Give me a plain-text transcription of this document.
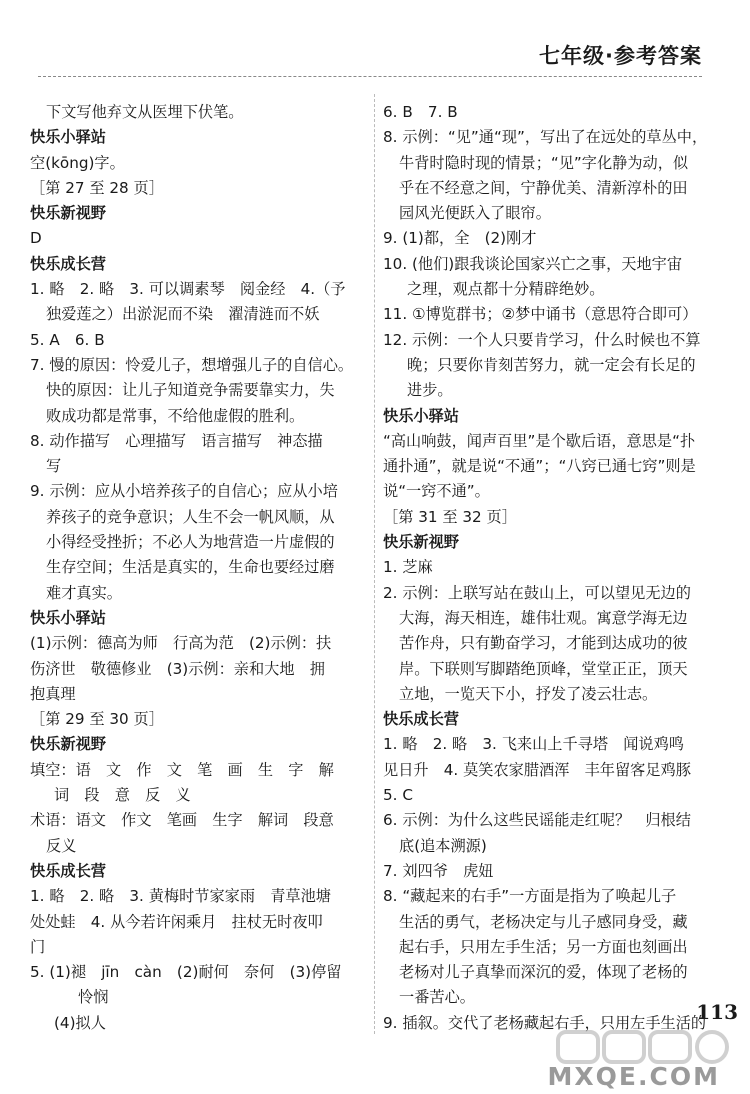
七年级·参考答案
下文写他弃文从医埋下伏笔。
快乐小驿站
空(kōng)字。
［第 27 至 28 页］
快乐新视野
D
快乐成长营
1. 略　2. 略　3. 可以调素琴　阅金经　4.（予
独爱莲之）出淤泥而不染　濯清涟而不妖
5. A　6. B
7. 慢的原因：怜爱儿子，想增强儿子的自信心。
快的原因：让儿子知道竞争需要靠实力，失
败成功都是常事，不给他虚假的胜利。
8. 动作描写　心理描写　语言描写　神态描
写
9. 示例：应从小培养孩子的自信心；应从小培
养孩子的竞争意识；人生不会一帆风顺，从
小得经受挫折；不必人为地营造一片虚假的
生存空间；生活是真实的，生命也要经过磨
难才真实。
快乐小驿站
(1)示例：德高为师　行高为范　(2)示例：扶
伤济世　敬德修业　(3)示例：亲和大地　拥
抱真理
［第 29 至 30 页］
快乐新视野
填空：语　文　作　文　笔　画　生　字　解
词　段　意　反　义
术语：语文　作文　笔画　生字　解词　段意
反义
快乐成长营
1. 略　2. 略　3. 黄梅时节家家雨　青草池塘
处处蛙　4. 从今若许闲乘月　拄杖无时夜叩
门
5. (1)褪　jīn　càn　(2)耐何　奈何　(3)停留
怜悯
(4)拟人
6. B　7. B
8. 示例：“见”通“现”，写出了在远处的草丛中，
牛背时隐时现的情景；“见”字化静为动，似
乎在不经意之间，宁静优美、清新淳朴的田
园风光便跃入了眼帘。
9. (1)都，全　(2)刚才
10. (他们)跟我谈论国家兴亡之事，天地宇宙
之理，观点都十分精辟绝妙。
11. ①博览群书；②梦中诵书（意思符合即可）
12. 示例：一个人只要肯学习，什么时候也不算
晚；只要你肯刻苦努力，就一定会有长足的
进步。
快乐小驿站
“高山响鼓，闻声百里”是个歇后语，意思是“扑
通扑通”，就是说“不通”；“八窍已通七窍”则是
说“一窍不通”。
［第 31 至 32 页］
快乐新视野
1. 芝麻
2. 示例：上联写站在鼓山上，可以望见无边的
大海，海天相连，雄伟壮观。寓意学海无边
苦作舟，只有勤奋学习，才能到达成功的彼
岸。下联则写脚踏绝顶峰，堂堂正正，顶天
立地，一览天下小，抒发了凌云壮志。
快乐成长营
1. 略　2. 略　3. 飞来山上千寻塔　闻说鸡鸣
见日升　4. 莫笑农家腊酒浑　丰年留客足鸡豚
5. C
6. 示例：为什么这些民谣能走红呢？　归根结
底(追本溯源)
7. 刘四爷　虎妞
8. “藏起来的右手”一方面是指为了唤起儿子
生活的勇气，老杨决定与儿子感同身受，藏
起右手，只用左手生活；另一方面也刻画出
老杨对儿子真挚而深沉的爱，体现了老杨的
一番苦心。
9. 插叙。交代了老杨藏起右手，只用左手生活的
113
MXQE.COM
